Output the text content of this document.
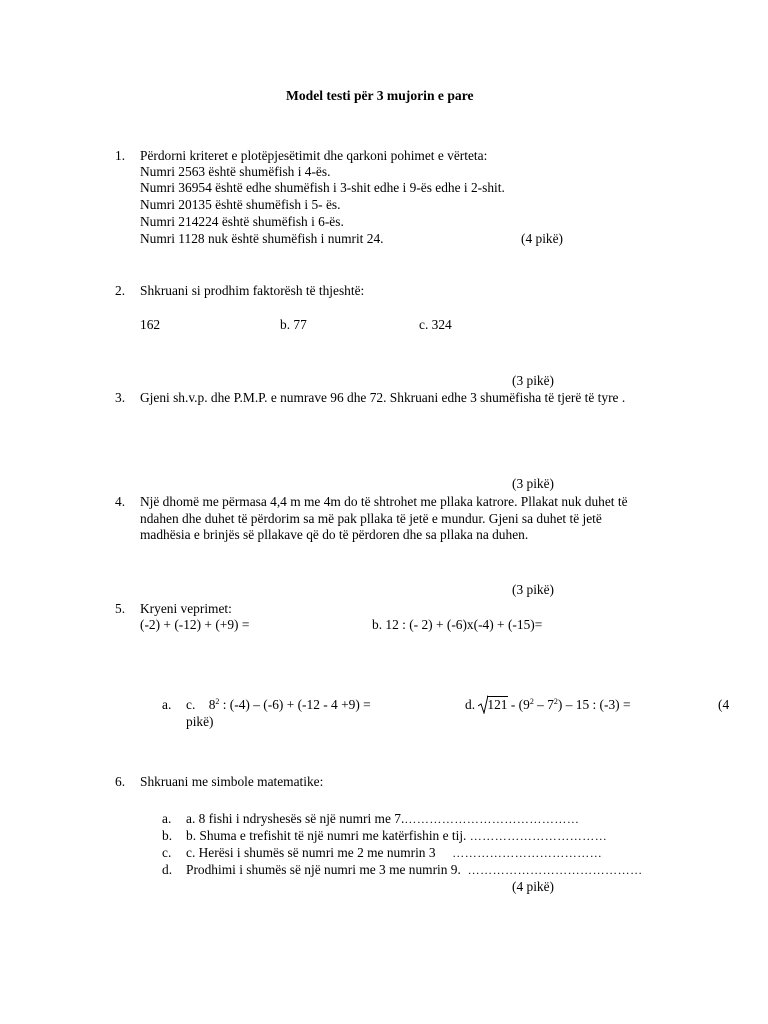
Model testi për 3 mujorin e pare
1. Përdorni kriteret e plotëpjesëtimit dhe qarkoni pohimet e vërteta:
Numri 2563 është shumëfish i 4-ës.
Numri 36954 është edhe shumëfish i 3-shit edhe i 9-ës edhe i 2-shit.
Numri 20135 është shumëfish i 5- ës.
Numri 214224 është shumëfish i 6-ës.
Numri 1128 nuk është shumëfish i numrit 24.	(4 pikë)
2. Shkruani si prodhim faktorësh të thjeshtë:
162	b. 77	c. 324
(3 pikë)
3. Gjeni sh.v.p. dhe P.M.P. e numrave 96 dhe 72. Shkruani edhe 3 shumëfisha të tjerë të tyre .
(3 pikë)
4. Një dhomë me përmasa 4,4 m me 4m do të shtrohet me pllaka katrore. Pllakat nuk duhet të
ndahen dhe duhet të përdorim sa më pak pllaka të jetë e mundur. Gjeni sa duhet të jetë
madhësia e brinjës së pllakave që do të përdoren dhe sa pllaka na duhen.
(3 pikë)
5. Kryeni veprimet:
(-2) + (-12) + (+9) =	b. 12 : (- 2) + (-6)x(-4) + (-15)=
a. c. $8^2$ : (-4) – (-6) + (-12 - 4 +9) =	d. $121 - (9^2 - 7^2) - 15$ : (-3) =	(4
pikë)
6. Shkruani me simbole matematike:
a. a. 8 fishi i ndryshesës së një numri me 7.……………………………………
b. b. Shuma e trefishit të një numri me katërfishin e tij. ……………………………
c. c. Herësi i shumës së numri me 2 me numrin 3 ………………………………
d. Prodhimi i shumës së një numri me 3 me numrin 9. ……………………………………
(4 pikë)
